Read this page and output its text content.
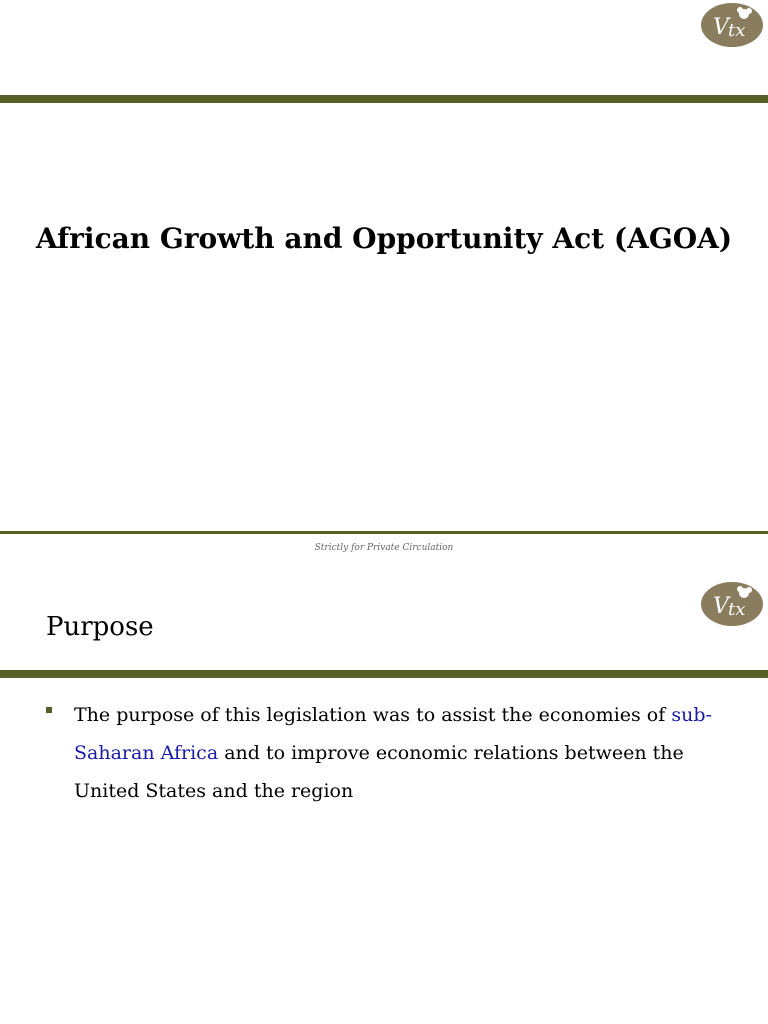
V tx
African Growth and Opportunity Act (AGOA)
Strictly for Private Circulation
V tx
Purpose
The purpose of this legislation was to assist the economies of sub-Saharan Africa and to improve economic relations between the United States and the region
